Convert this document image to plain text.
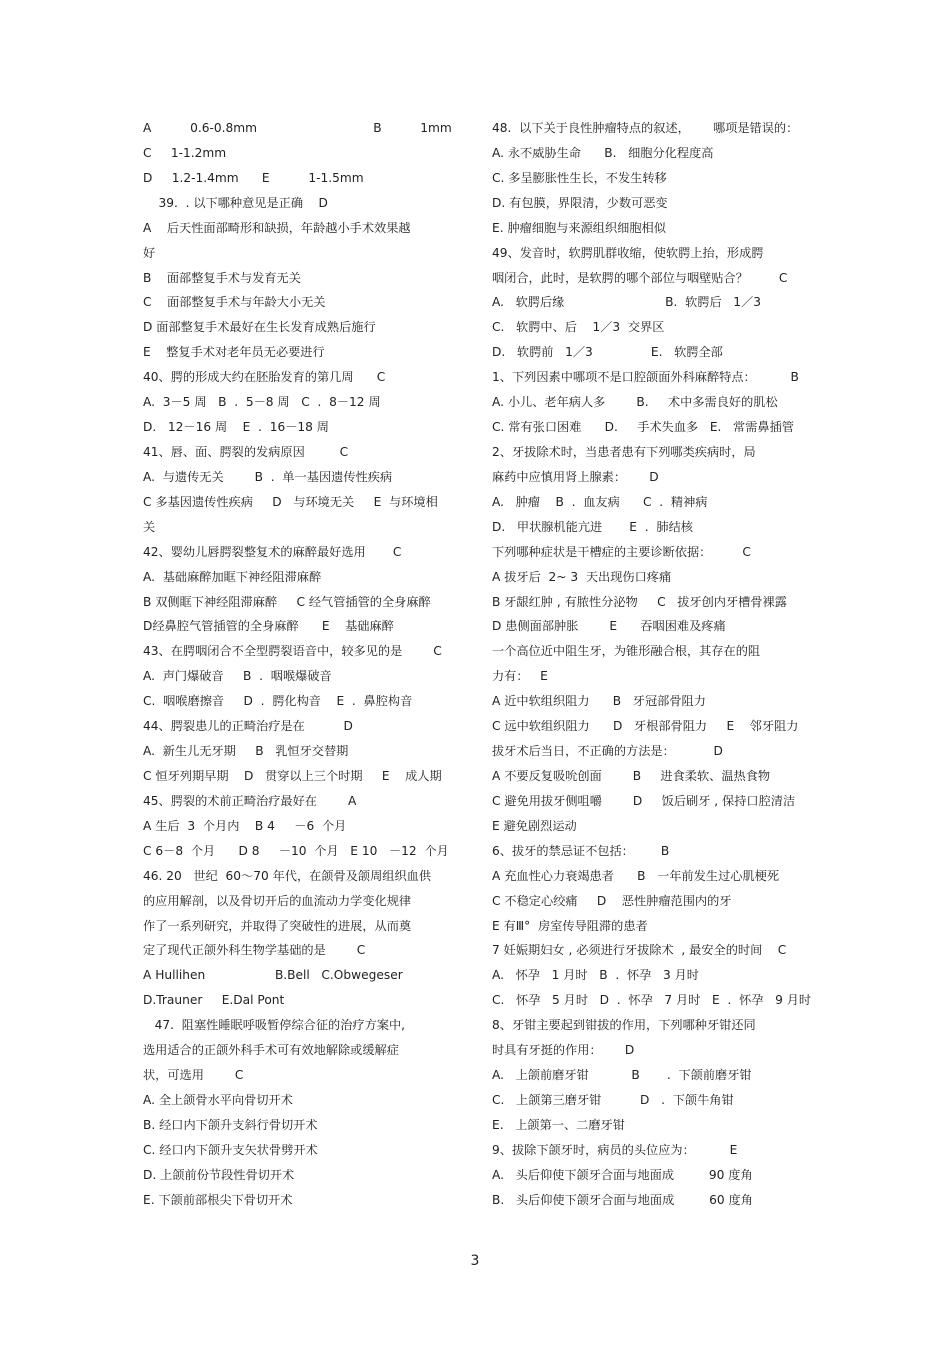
A          0.6-0.8mm                              B          1mm
C     1-1.2mm
D     1.2-1.4mm      E          1-1.5mm
39.  . 以下哪种意见是正确    D
A    后天性面部畸形和缺损，年龄越小手术效果越
好
B    面部整复手术与发育无关
C    面部整复手术与年龄大小无关
D 面部整复手术最好在生长发育成熟后施行
E    整复手术对老年员无必要进行
40、腭的形成大约在胚胎发育的第几周      C
A.  3－5 周   B  .  5－8 周   C  .  8－12 周
D.   12－16 周    E  .  16－18 周
41、唇、面、腭裂的发病原因         C
A.  与遗传无关        B  .  单一基因遗传性疾病
C 多基因遗传性疾病     D   与环境无关     E  与环境相
关
42、婴幼儿唇腭裂整复术的麻醉最好选用       C
A.  基础麻醉加眶下神经阻滞麻醉
B 双侧眶下神经阻滞麻醉     C 经气管插管的全身麻醉
D经鼻腔气管插管的全身麻醉      E    基础麻醉
43、在腭咽闭合不全型腭裂语音中，较多见的是        C
A.  声门爆破音     B  .  咽喉爆破音
C.  咽喉磨擦音     D  .  腭化构音    E  .  鼻腔构音
44、腭裂患儿的正畸治疗是在          D
A.  新生儿无牙期     B   乳恒牙交替期
C 恒牙列期早期    D   贯穿以上三个时期     E    成人期
45、腭裂的术前正畸治疗最好在        A
A 生后  3  个月内    B 4     －6  个月
C 6－8  个月      D 8     －10  个月   E 10   －12  个月
46. 20   世纪  60～70 年代，在颌骨及颌周组织血供
的应用解剖，以及骨切开后的血流动力学变化规律
作了一系列研究，并取得了突破性的进展，从而奠
定了现代正颌外科生物学基础的是        C
A Hullihen                  B.Bell   C.Obwegeser
D.Trauner     E.Dal Pont
47.  阻塞性睡眠呼吸暂停综合征的治疗方案中,
选用适合的正颌外科手术可有效地解除或缓解症
状，可选用        C
A. 全上颌骨水平向骨切开术
B. 经口内下颌升支斜行骨切开术
C. 经口内下颌升支矢状骨劈开术
D. 上颌前份节段性骨切开术
E. 下颌前部根尖下骨切开术
48.  以下关于良性肿瘤特点的叙述，      哪项是错误的：
A. 永不威胁生命      B.   细胞分化程度高
C. 多呈膨胀性生长，不发生转移
D. 有包膜，界限清，少数可恶变
E. 肿瘤细胞与来源组织细胞相似
49、发音时，软腭肌群收缩，使软腭上抬，形成腭
咽闭合，此时，是软腭的哪个部位与咽壁贴合？        C
A.   软腭后缘                          B.  软腭后   1／3
C.   软腭中、后    1／3  交界区
D.   软腭前   1／3               E.   软腭全部
1、下列因素中哪项不是口腔颌面外科麻醉特点：         B
A. 小儿、老年病人多        B.     术中多需良好的肌松
C. 常有张口困难      D.     手术失血多   E.   常需鼻插管
2、牙拔除术时，当患者患有下列哪类疾病时，局
麻药中应慎用肾上腺素：      D
A.   肿瘤    B  .  血友病      C  .  精神病
D.   甲状腺机能亢进       E  .  肺结核
下列哪种症状是干槽症的主要诊断依据：        C
A 拔牙后  2~ 3  天出现伤口疼痛
B 牙龈红肿 , 有脓性分泌物     C   拔牙创内牙槽骨裸露
D 患侧面部肿胀        E      吞咽困难及疼痛
一个高位近中阻生牙，为锥形融合根，其存在的阻
力有：   E
A 近中软组织阻力      B   牙冠部骨阻力
C 远中软组织阻力      D   牙根部骨阻力     E    邻牙阻力
拔牙术后当日，不正确的方法是：          D
A 不要反复吸吮创面        B     进食柔软、温热食物
C 避免用拔牙侧咀嚼        D     饭后刷牙 , 保持口腔清洁
E 避免剧烈运动
6、拔牙的禁忌证不包括：       B
A 充血性心力衰竭患者      B   一年前发生过心肌梗死
C 不稳定心绞痛     D    恶性肿瘤范围内的牙
E 有Ⅲ°  房室传导阻滞的患者
7 妊娠期妇女 , 必须进行牙拔除术  , 最安全的时间    C
A.   怀孕   1 月时   B  .  怀孕   3 月时
C.   怀孕   5 月时   D  .  怀孕   7 月时   E  .  怀孕   9 月时
8、牙钳主要起到钳拔的作用，下列哪种牙钳还同
时具有牙挺的作用：      D
A.   上颌前磨牙钳           B       .  下颌前磨牙钳
C.   上颌第三磨牙钳          D   .  下颌牛角钳
E.   上颌第一、二磨牙钳
9、拔除下颌牙时，病员的头位应为：         E
A.   头后仰使下颌牙合面与地面成         90 度角
B.   头后仰使下颌牙合面与地面成         60 度角
3
